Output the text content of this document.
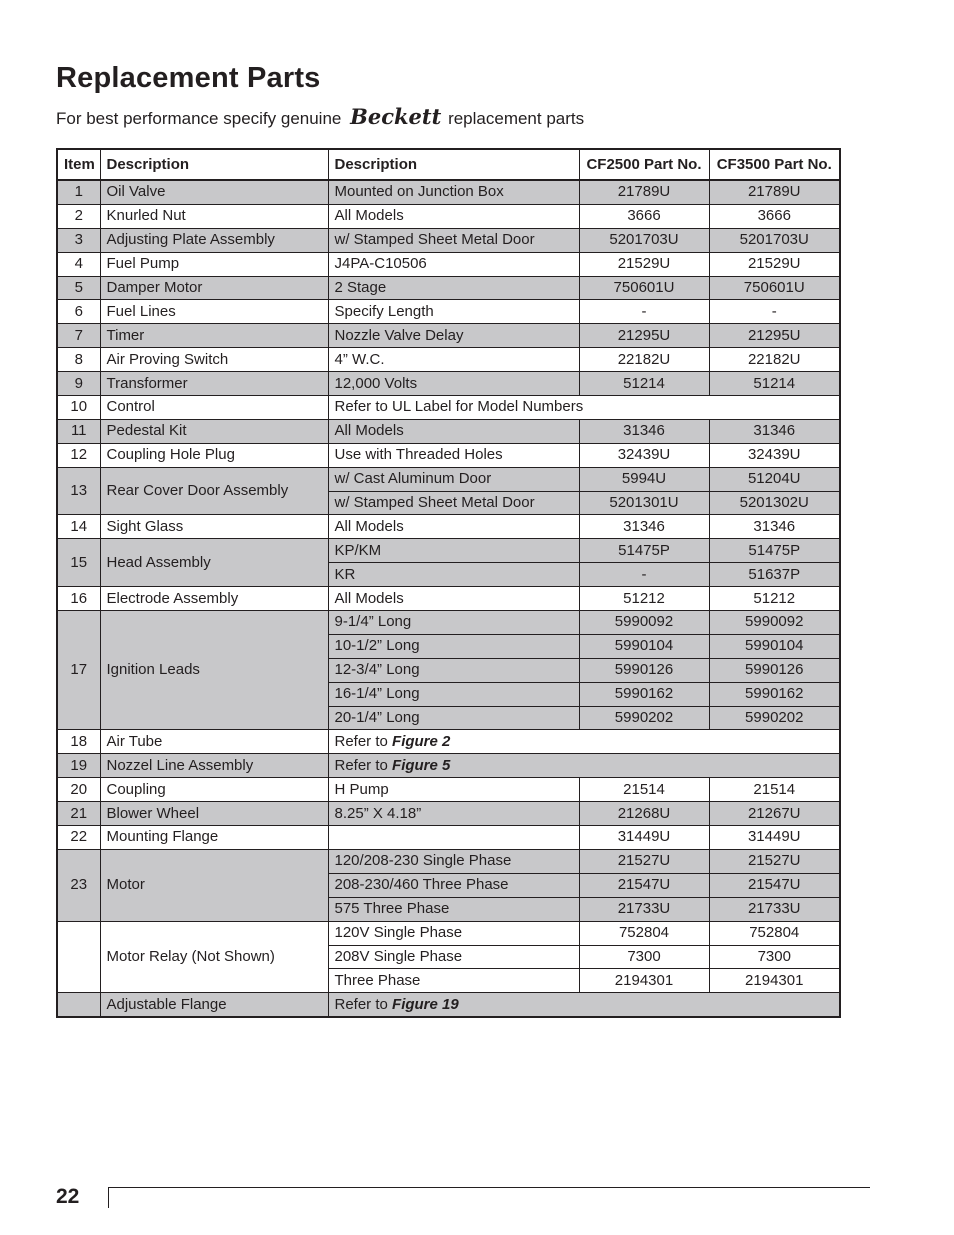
Replacement Parts
For best performance specify genuine Beckett replacement parts
Item	Description	Description	CF2500 Part No.	CF3500 Part No.
1	Oil Valve	Mounted on Junction Box	21789U	21789U
2	Knurled Nut	All Models	3666	3666
3	Adjusting Plate Assembly	w/ Stamped Sheet Metal Door	5201703U	5201703U
4	Fuel Pump	J4PA-C10506	21529U	21529U
5	Damper Motor	2 Stage	750601U	750601U
6	Fuel Lines	Specify Length	-	-
7	Timer	Nozzle Valve Delay	21295U	21295U
8	Air Proving Switch	4” W.C.	22182U	22182U
9	Transformer	12,000 Volts	51214	51214
10	Control	Refer to UL Label for Model Numbers		
11	Pedestal Kit	All Models	31346	31346
12	Coupling Hole Plug	Use with Threaded Holes	32439U	32439U
13	Rear Cover Door Assembly	w/ Cast Aluminum Door	5994U	51204U
		w/ Stamped Sheet Metal Door	5201301U	5201302U
14	Sight Glass	All Models	31346	31346
15	Head Assembly	KP/KM	51475P	51475P
		KR	-	51637P
16	Electrode Assembly	All Models	51212	51212
17	Ignition Leads	9-1/4” Long	5990092	5990092
		10-1/2” Long	5990104	5990104
		12-3/4” Long	5990126	5990126
		16-1/4” Long	5990162	5990162
		20-1/4” Long	5990202	5990202
18	Air Tube	Refer to Figure 2		
19	Nozzel Line Assembly	Refer to Figure 5		
20	Coupling	H Pump	21514	21514
21	Blower Wheel	8.25” X 4.18”	21268U	21267U
22	Mounting Flange		31449U	31449U
23	Motor	120/208-230 Single Phase	21527U	21527U
		208-230/460 Three Phase	21547U	21547U
		575 Three Phase	21733U	21733U
	Motor Relay (Not Shown)	120V Single Phase	752804	752804
		208V Single Phase	7300	7300
		Three Phase	2194301	2194301
	Adjustable Flange	Refer to Figure 19		
22
